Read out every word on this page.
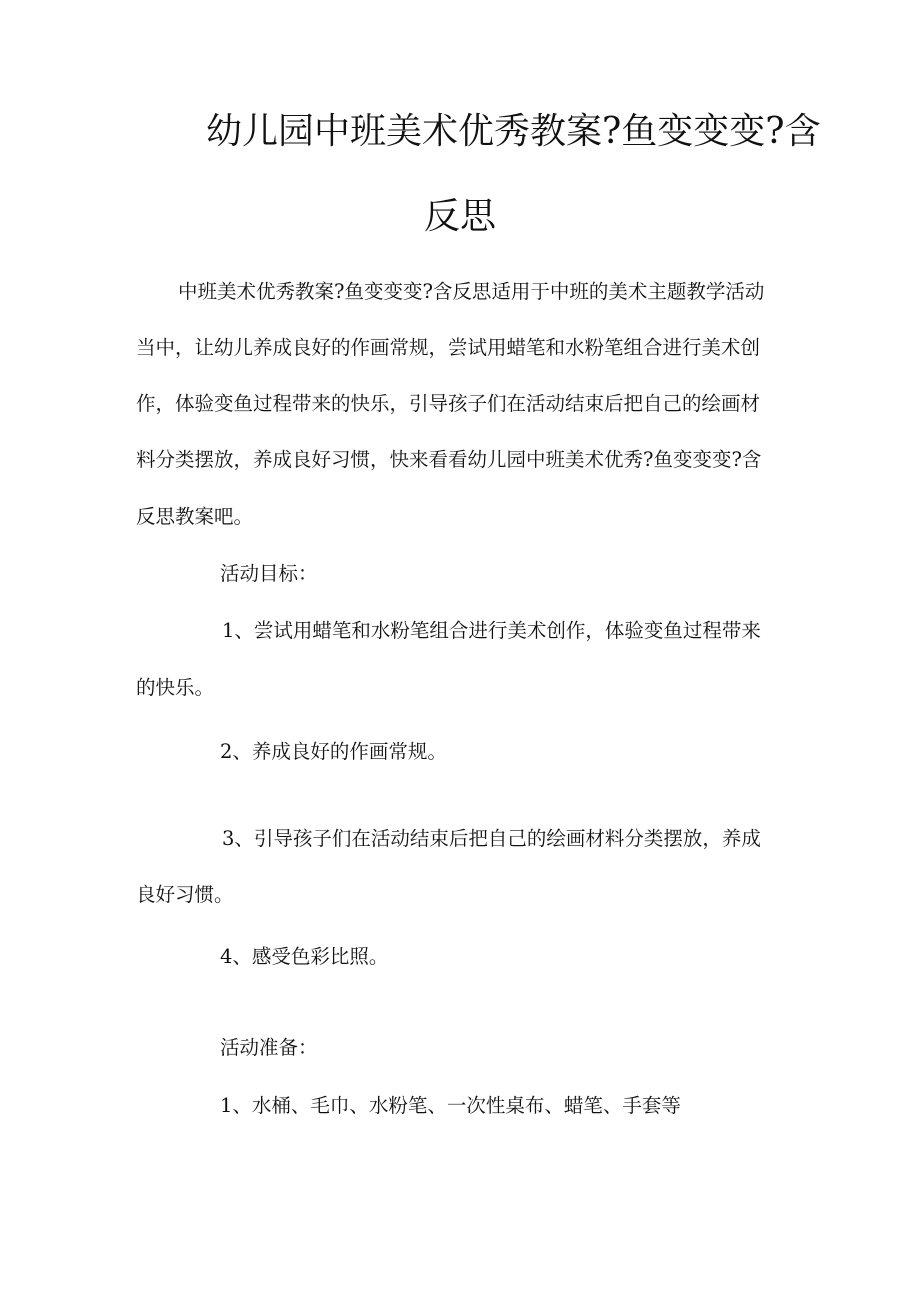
幼儿园中班美术优秀教案?鱼变变变?含
反思
中班美术优秀教案?鱼变变变?含反思适用于中班的美术主题教学活动
当中，让幼儿养成良好的作画常规，尝试用蜡笔和水粉笔组合进行美术创
作，体验变鱼过程带来的快乐，引导孩子们在活动结束后把自己的绘画材
料分类摆放，养成良好习惯，快来看看幼儿园中班美术优秀?鱼变变变?含
反思教案吧。
活动目标：
1、尝试用蜡笔和水粉笔组合进行美术创作，体验变鱼过程带来
的快乐。
2、养成良好的作画常规。
3、引导孩子们在活动结束后把自己的绘画材料分类摆放，养成
良好习惯。
4、感受色彩比照。
活动准备：
1、水桶、毛巾、水粉笔、一次性桌布、蜡笔、手套等
